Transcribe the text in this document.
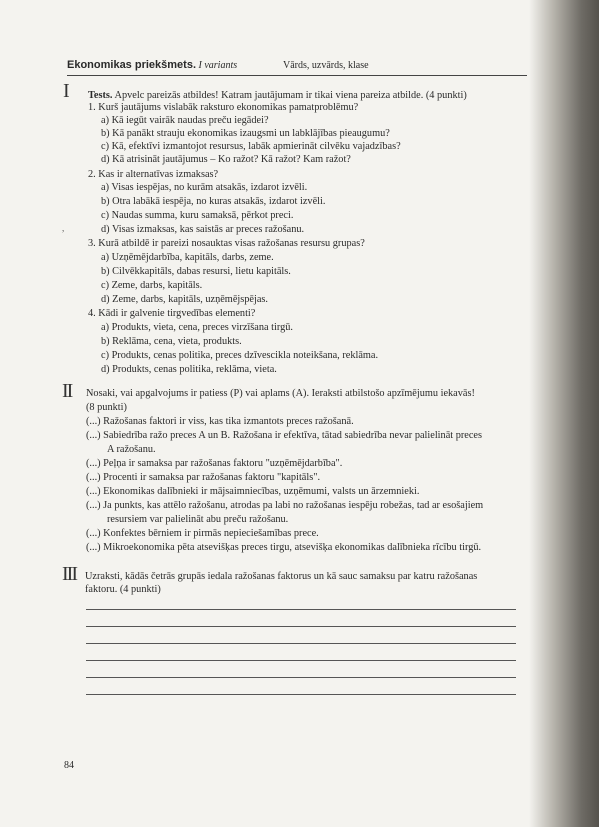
Ekonomikas priekšmets. I variants	Vārds, uzvārds, klase
I Tests. Apvelc pareizās atbildes! Katram jautājumam ir tikai viena pareiza atbilde. (4 punkti)
1. Kurš jautājums vislabāk raksturo ekonomikas pamatproblēmu?
a) Kā iegūt vairāk naudas preču iegādei?
b) Kā panākt strauju ekonomikas izaugsmi un labklājības pieaugumu?
c) Kā, efektīvi izmantojot resursus, labāk apmierināt cilvēku vajadzības?
d) Kā atrisināt jautājumus – Ko ražot? Kā ražot? Kam ražot?
2. Kas ir alternatīvas izmaksas?
a) Visas iespējas, no kurām atsakās, izdarot izvēli.
b) Otra labākā iespēja, no kuras atsakās, izdarot izvēli.
c) Naudas summa, kuru samaksā, pērkot preci.
d) Visas izmaksas, kas saistās ar preces ražošanu.
3. Kurā atbildē ir pareizi nosauktas visas ražošanas resursu grupas?
a) Uzņēmējdarbība, kapitāls, darbs, zeme.
b) Cilvēkkapitāls, dabas resursi, lietu kapitāls.
c) Zeme, darbs, kapitāls.
d) Zeme, darbs, kapitāls, uzņēmējspējas.
4. Kādi ir galvenie tirgvedības elementi?
a) Produkts, vieta, cena, preces virzīšana tirgū.
b) Reklāma, cena, vieta, produkts.
c) Produkts, cenas politika, preces dzīvescikla noteikšana, reklāma.
d) Produkts, cenas politika, reklāma, vieta.
,
II Nosaki, vai apgalvojums ir patiess (P) vai aplams (A). Ieraksti atbilstošo apzīmējumu iekavās!
(8 punkti)
(...) Ražošanas faktori ir viss, kas tika izmantots preces ražošanā.
(...) Sabiedrība ražo preces A un B. Ražošana ir efektīva, tātad sabiedrība nevar palielināt preces
A ražošanu.
(...) Peļņa ir samaksa par ražošanas faktoru "uzņēmējdarbība".
(...) Procenti ir samaksa par ražošanas faktoru "kapitāls".
(...) Ekonomikas dalībnieki ir mājsaimniecības, uzņēmumi, valsts un ārzemnieki.
(...) Ja punkts, kas attēlo ražošanu, atrodas pa labi no ražošanas iespēju robežas, tad ar esošajiem
resursiem var palielināt abu preču ražošanu.
(...) Konfektes bērniem ir pirmās nepieciešamības prece.
(...) Mikroekonomika pēta atsevišķas preces tirgu, atsevišķa ekonomikas dalībnieka rīcību tirgū.
III Uzraksti, kādās četrās grupās iedala ražošanas faktorus un kā sauc samaksu par katru ražošanas
faktoru. (4 punkti)
84
